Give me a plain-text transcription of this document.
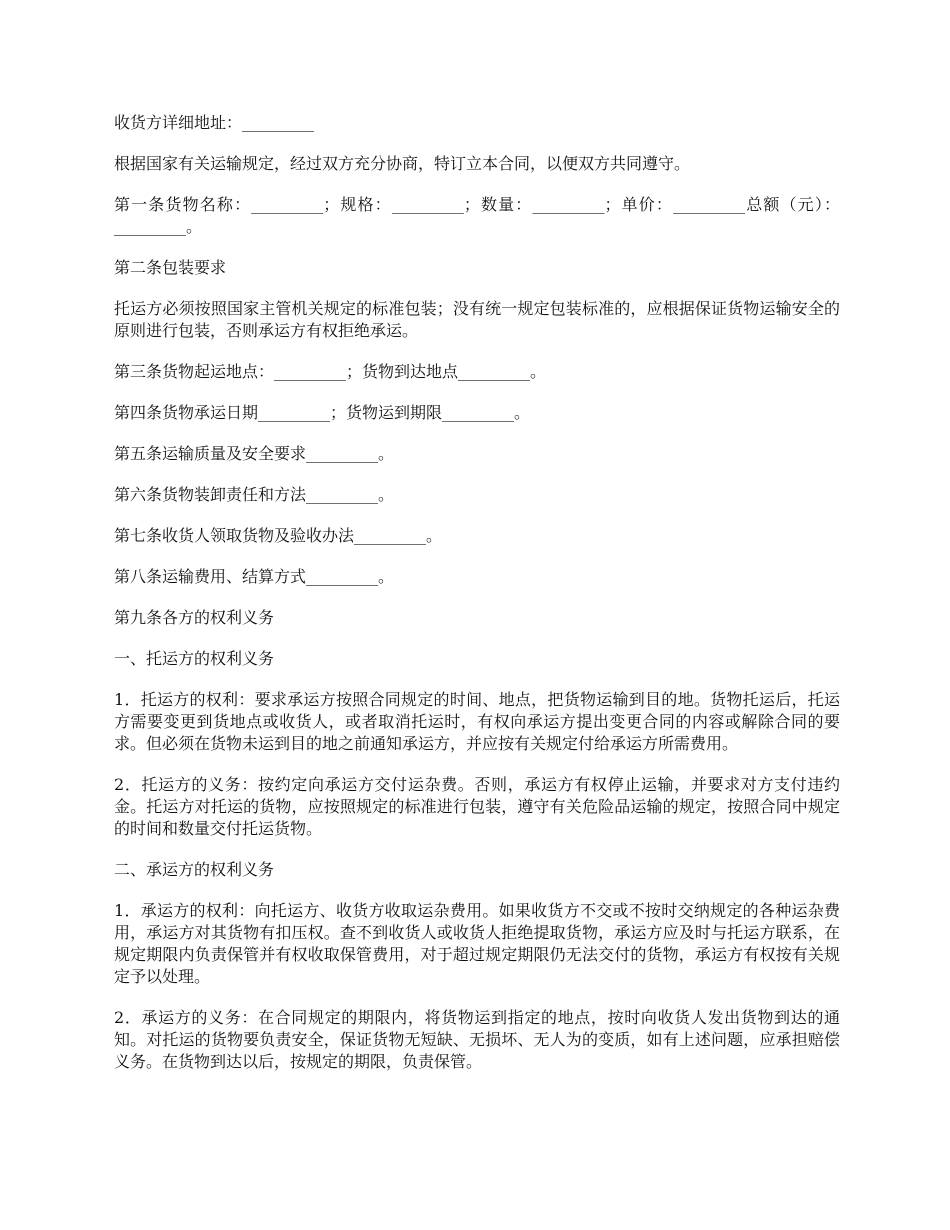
收货方详细地址：_________

根据国家有关运输规定，经过双方充分协商，特订立本合同，以便双方共同遵守。

第一条货物名称：_________；规格：_________；数量：_________；单价：_________总额（元）：_________。

第二条包装要求

托运方必须按照国家主管机关规定的标准包装；没有统一规定包装标准的，应根据保证货物运输安全的原则进行包装，否则承运方有权拒绝承运。

第三条货物起运地点：_________；货物到达地点_________。

第四条货物承运日期_________；货物运到期限_________。

第五条运输质量及安全要求_________。

第六条货物装卸责任和方法_________。

第七条收货人领取货物及验收办法_________。

第八条运输费用、结算方式_________。

第九条各方的权利义务

一、托运方的权利义务

1．托运方的权利：要求承运方按照合同规定的时间、地点，把货物运输到目的地。货物托运后，托运方需要变更到货地点或收货人，或者取消托运时，有权向承运方提出变更合同的内容或解除合同的要求。但必须在货物未运到目的地之前通知承运方，并应按有关规定付给承运方所需费用。

2．托运方的义务：按约定向承运方交付运杂费。否则，承运方有权停止运输，并要求对方支付违约金。托运方对托运的货物，应按照规定的标准进行包装，遵守有关危险品运输的规定，按照合同中规定的时间和数量交付托运货物。

二、承运方的权利义务

1．承运方的权利：向托运方、收货方收取运杂费用。如果收货方不交或不按时交纳规定的各种运杂费用，承运方对其货物有扣压权。查不到收货人或收货人拒绝提取货物，承运方应及时与托运方联系，在规定期限内负责保管并有权收取保管费用，对于超过规定期限仍无法交付的货物，承运方有权按有关规定予以处理。

2．承运方的义务：在合同规定的期限内，将货物运到指定的地点，按时向收货人发出货物到达的通知。对托运的货物要负责安全，保证货物无短缺、无损坏、无人为的变质，如有上述问题，应承担赔偿义务。在货物到达以后，按规定的期限，负责保管。
